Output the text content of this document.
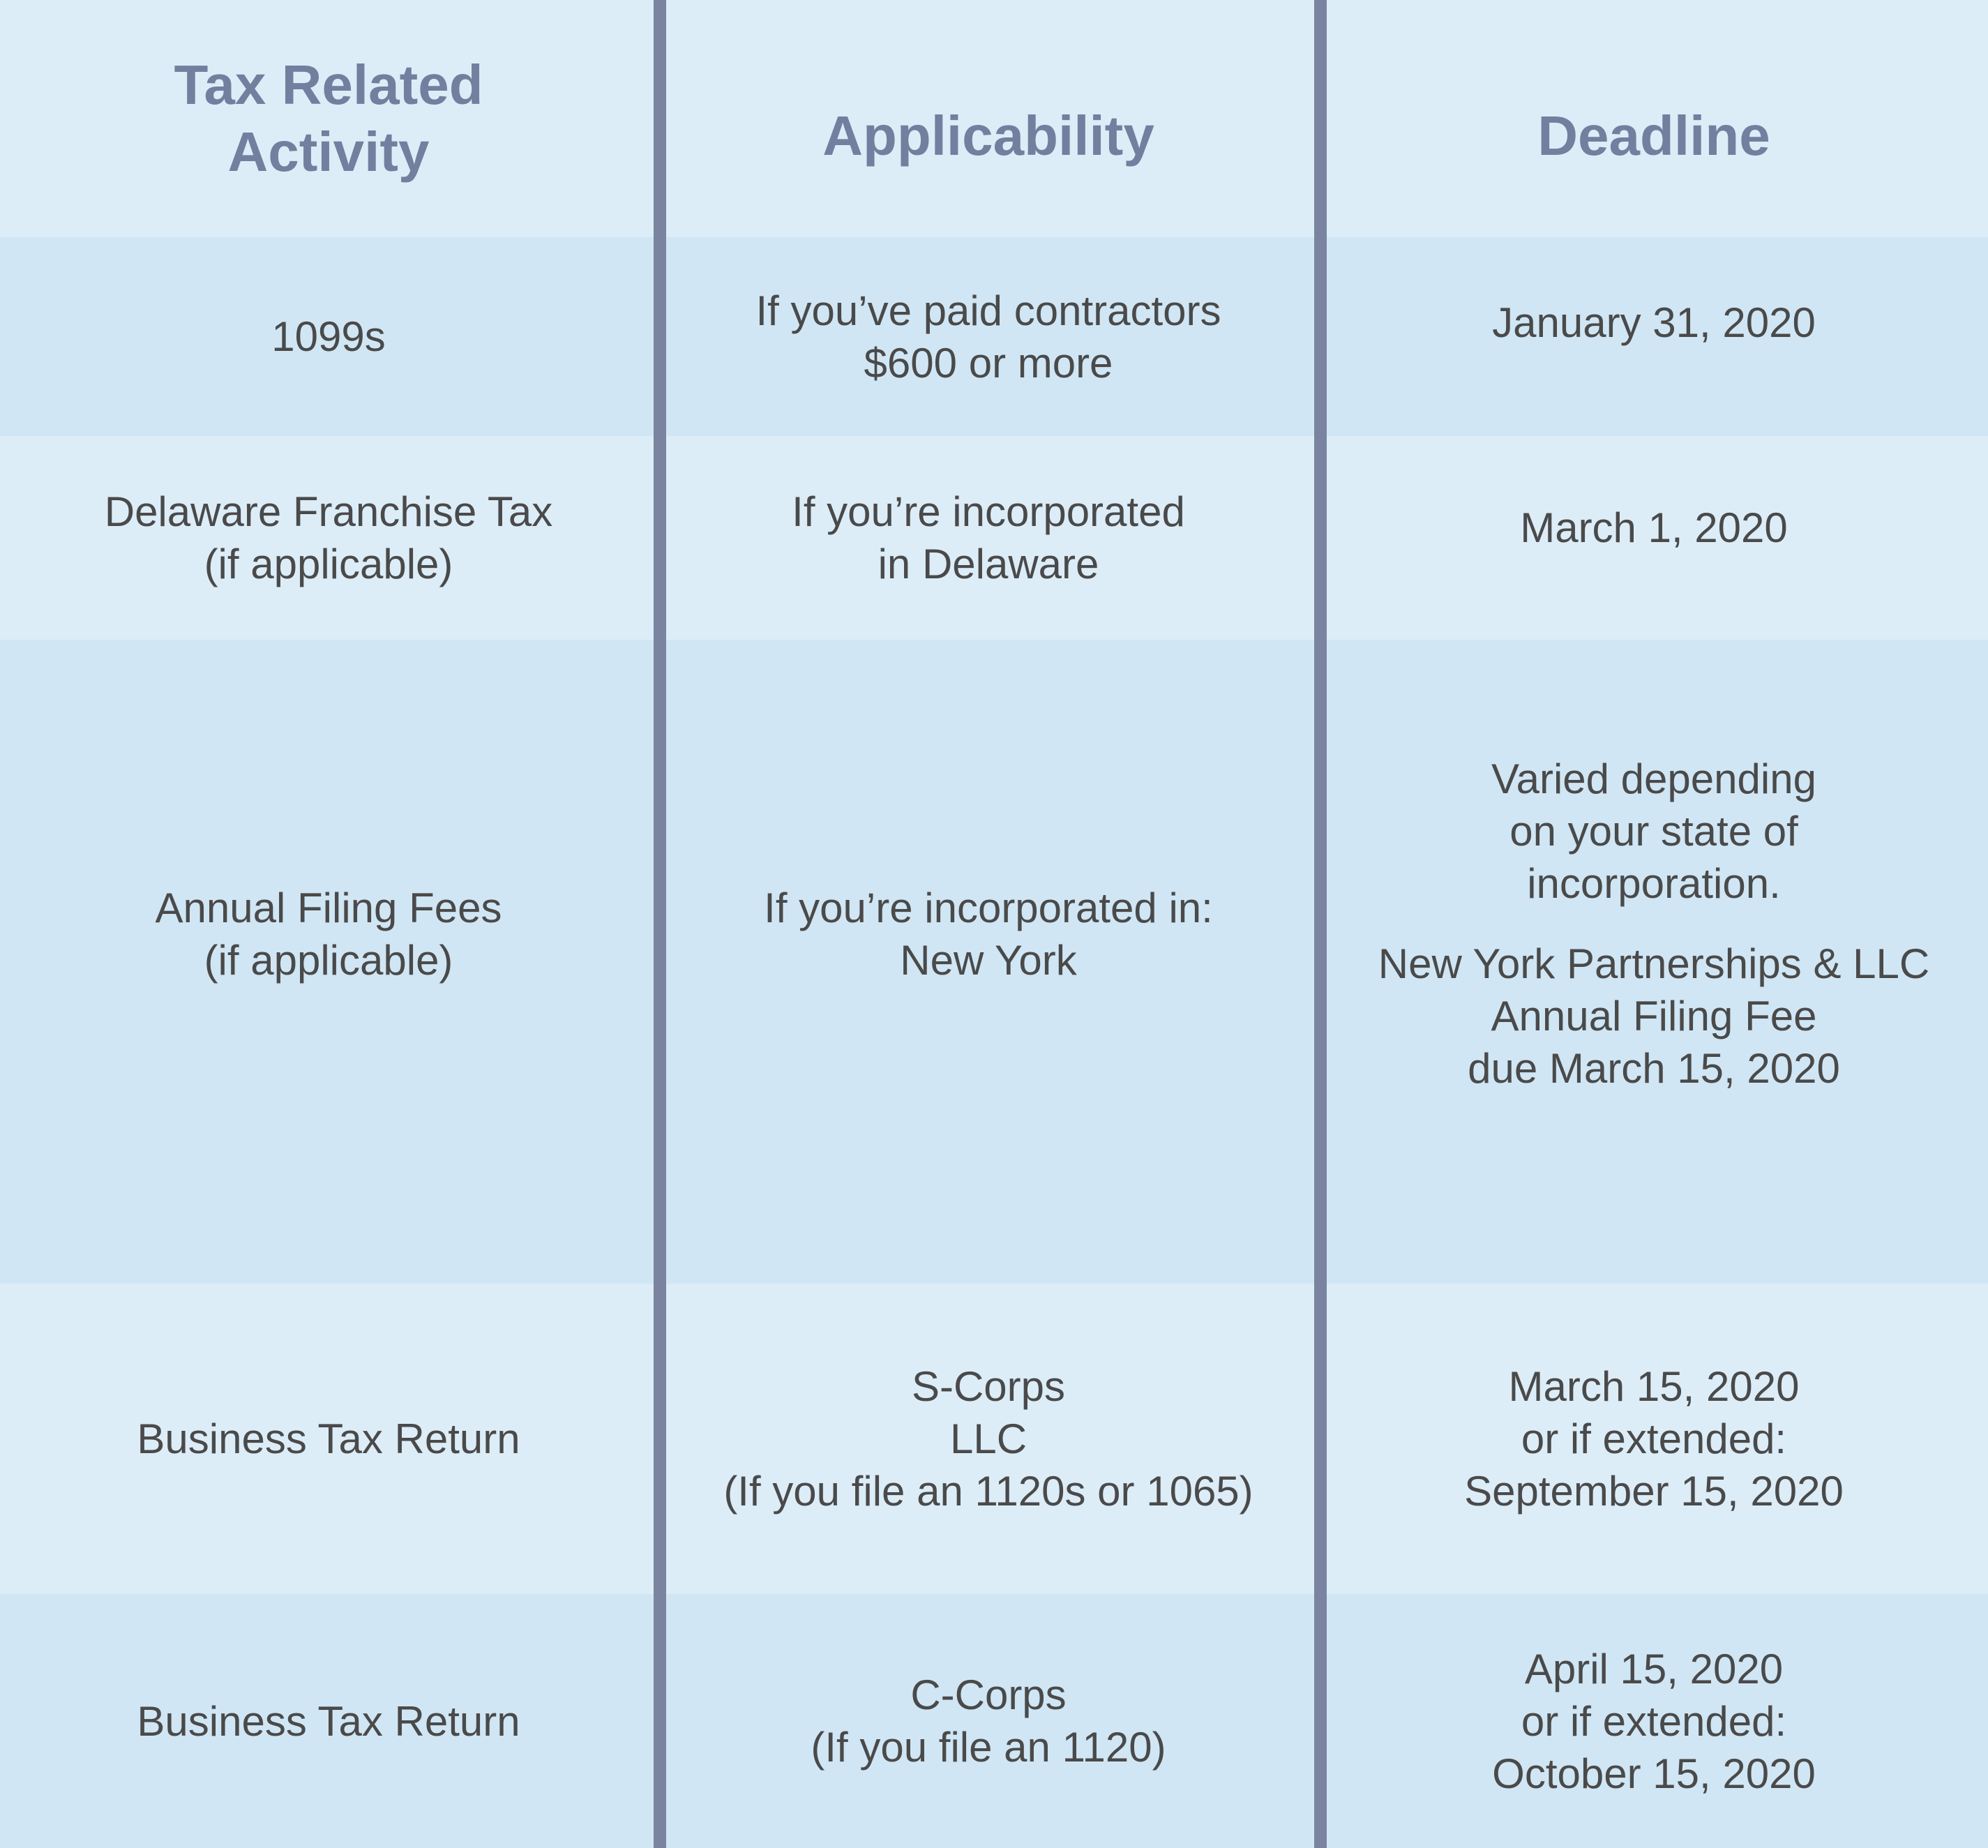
Tax Related
Activity	Applicability	Deadline
1099s
If you’ve paid contractors
$600 or more
January 31, 2020
Delaware Franchise Tax
(if applicable)
If you’re incorporated
in Delaware
March 1, 2020
Annual Filing Fees
(if applicable)
If you’re incorporated in:
New York
Varied depending
on your state of
incorporation.
New York Partnerships & LLC
Annual Filing Fee
due March 15, 2020
Business Tax Return
S-Corps
LLC
(If you file an 1120s or 1065)
March 15, 2020
or if extended:
September 15, 2020
Business Tax Return
C-Corps
(If you file an 1120)
April 15, 2020
or if extended:
October 15, 2020
